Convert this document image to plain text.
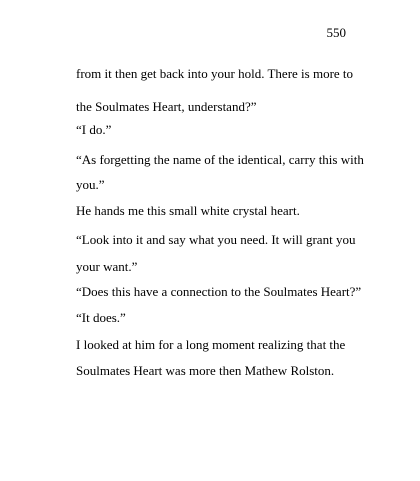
550

from it then get back into your hold. There is more to

the Soulmates Heart, understand?”

“I do.”

“As forgetting the name of the identical, carry this with

you.”

He hands me this small white crystal heart.

“Look into it and say what you need. It will grant you

your want.”

“Does this have a connection to the Soulmates Heart?”

“It does.”

I looked at him for a long moment realizing that the

Soulmates Heart was more then Mathew Rolston.
